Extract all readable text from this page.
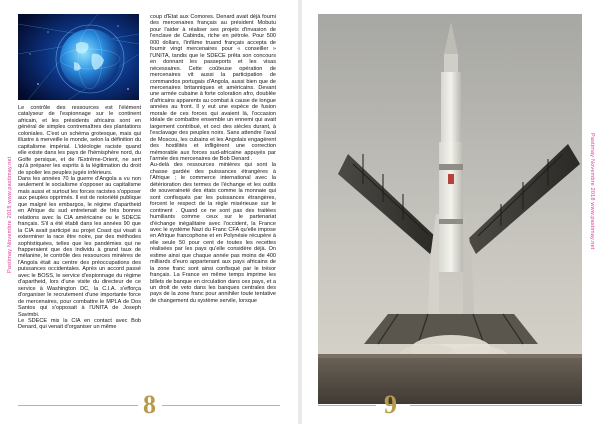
Pastimay Novembre 2018 www.pastimay.net

Le contrôle des ressources est l'élément catalyseur de l'espionnage sur le continent africain, et les présidents africains sont en général de simples contremaîtres des plantations coloniales. C'est un schéma grotesque, mais qui illustre à merveille le monde, selon la définition du capitalisme impérial. L'idéologie raciste quand elle existe dans les pays de l'hémisphère nord, du Golfe persique, et de l'Extrême-Orient, ne sert qu'à préparer les esprits à la légitimation du droit de spolier les peuples jugés inférieurs.

Dans les années 70 la guerre d'Angola a vu non seulement le socialisme s'opposer au capitalisme mais aussi et surtout les forces racistes s'opposer aux peuples opprimés. Il est de notoriété publique que malgré les embargos, le régime d'apartheid en Afrique du sud entretenait de très bonnes relations avec la CIA américaine ou le SDECE français. S'il a été établi dans les années 90 que la CIA avait participé au projet Coast qui visait à exterminer la race être noire, par des méthodes sophistiquées, telles que les pandémies qui ne frapperaient que des individu à grand taux de mélanine, le contrôle des ressources minières de l'Angola était au centre des préoccupations des puissances occidentales. Après un accord passé avec le BOSS, le service d'espionnage du régime d'apartheid, lors d'une visite du directeur de ce service à Washington DC, la C.I.A. s'efforça d'organiser le recrutement d'une importante force de mercenaires, pour combattre le MPLA de Dos Santos qui s'opposait à l'UNITA de Joseph Savimbi.

Le SDECE mis la CIA en contact avec Bob Denard, qui venait d'organiser un même

coup d'Etat aux Comores. Denard avait déjà fourni des mercenaires français au président Mobutu pour l'aider à réaliser ses projets d'invasion de l'enclave de Cabinda, riche en pétrole. Pour 500 000 dollars, l'infâme truand français accepta de fournir vingt mercenaires pour « conseiller » l'UNITA, tandis que le SDECE prêta son concours en donnant les passeports et les visas nécessaires. Cette coûteuse opération de mercenaires vit aussi la participation de commandos portugais d'Angola, aussi bien que de mercenaires britanniques et américains. Devant une armée cubaine à forte coloration afro, doublée d'africains apparents au combat à cause de longue années au front. Il y eut une espèce de fusion morale de ces forces qui avaient là, l'occasion idéale de combattre ensemble un ennemi qui avait largement contribué, et ceci des siècles durant, à l'esclavage des peuples noirs. Sans attendre l'aval de Moscou, les cubains et les Angolais engagèrent des hostilités et infligèrent une correction mémorable aux forces sud-africaine appuyés par l'armée des mercenaires de Bob Denard .

Au-delà des ressources minières qui sont la chasse gardée des puissances étrangères à l'Afrique ; le commerce international avec la détérioration des termes de l'échange et les outils de souveraineté des états comme la monnaie qui sont confisqués par les puissances étrangères, forcent le respect de la règle misérieuse sur le continent . Quand ce ne sont pas des traitées humiliants comme ceux sur le partenariat d'échange inégalitaire avec l'occident, la France avec le système Nazi du Franc CFA qu'elle impose en Afrique francophone et en Polynésie récupère à elle seule 50 pour cent de toutes les recettes réalisées par les pays qu'elle considère déjà. On estime ainsi que chaque année pas moins de 400 milliards d'euro appartenant aux pays africains de la zone franc sont ainsi confisqué par le trésor français. La France en même temps imprime les billets de banque en circulation dans ces pays, et a un droit de veto dans les banques centrales des pays de la zone franc pour annihiler toute tentative de changement du système servile, lorsque

8
Pastimay Novembre 2018 www.pastimay.net
9
